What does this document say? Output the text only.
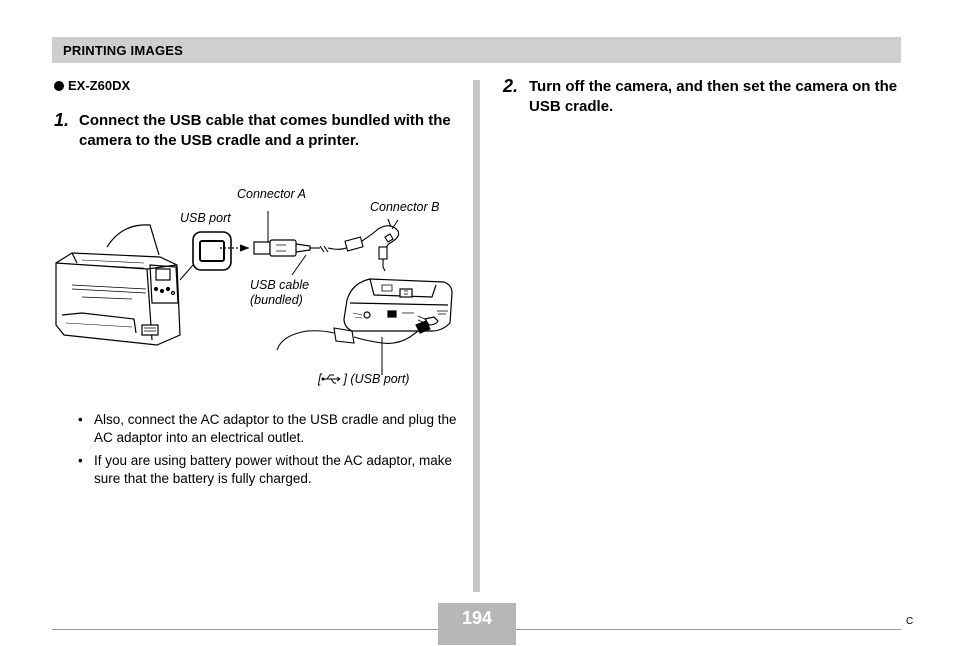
PRINTING IMAGES
EX-Z60DX
1. Connect the USB cable that comes bundled with the camera to the USB cradle and a printer.
Connector A
Connector B
USB port
USB cable
(bundled)
[ ] (USB port)
• Also, connect the AC adaptor to the USB cradle and plug the AC adaptor into an electrical outlet.
• If you are using battery power without the AC adaptor, make sure that the battery is fully charged.
2. Turn off the camera, and then set the camera on the USB cradle.
194	C
